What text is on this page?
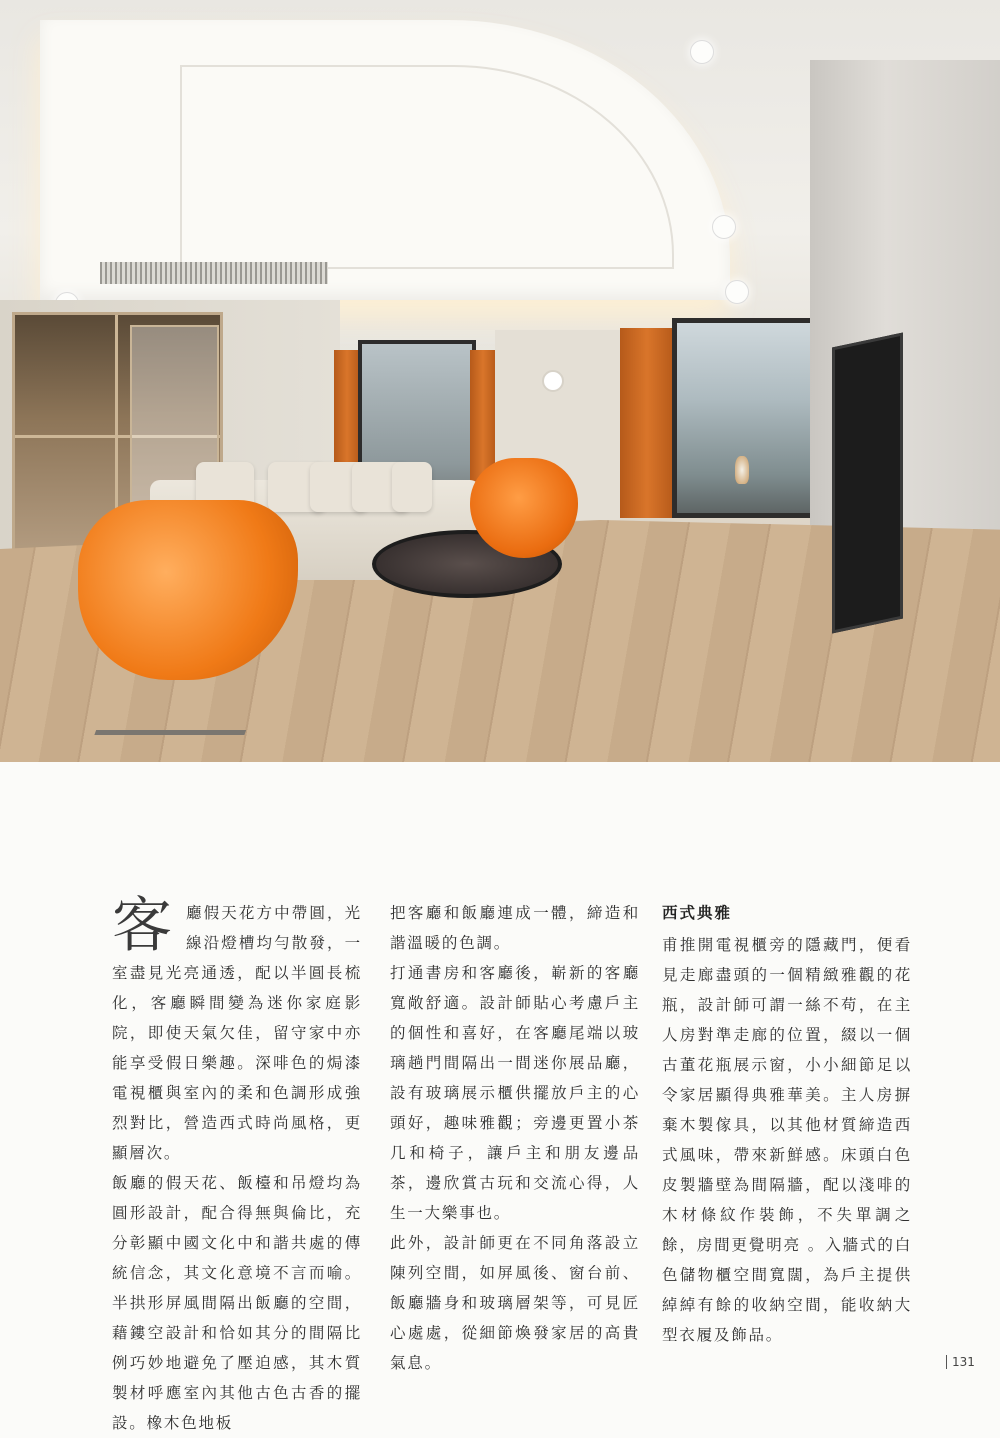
客 廳假天花方中帶圓，光線沿燈槽均勻散發，一室盡見光亮通透，配以半圓長梳化，客廳瞬間變為迷你家庭影院，即使天氣欠佳，留守家中亦能享受假日樂趣。深啡色的焗漆電視櫃與室內的柔和色調形成強烈對比，營造西式時尚風格，更顯層次。

飯廳的假天花、飯檯和吊燈均為圓形設計，配合得無與倫比，充分彰顯中國文化中和諧共處的傳統信念，其文化意境不言而喻。半拱形屏風間隔出飯廳的空間，藉鏤空設計和恰如其分的間隔比例巧妙地避免了壓迫感，其木質製材呼應室內其他古色古香的擺設。橡木色地板

把客廳和飯廳連成一體，締造和諧溫暖的色調。

打通書房和客廳後，嶄新的客廳寬敞舒適。設計師貼心考慮戶主的個性和喜好，在客廳尾端以玻璃趟門間隔出一間迷你展品廳，設有玻璃展示櫃供擺放戶主的心頭好，趣味雅觀；旁邊更置小茶几和椅子，讓戶主和朋友邊品茶，邊欣賞古玩和交流心得，人生一大樂事也。

此外，設計師更在不同角落設立陳列空間，如屏風後、窗台前、飯廳牆身和玻璃層架等，可見匠心處處，從細節煥發家居的高貴氣息。

西式典雅

甫推開電視櫃旁的隱藏門，便看見走廊盡頭的一個精緻雅觀的花瓶，設計師可謂一絲不苟，在主人房對準走廊的位置，綴以一個古董花瓶展示窗，小小細節足以令家居顯得典雅華美。主人房摒棄木製傢具，以其他材質締造西式風味，帶來新鮮感。床頭白色皮製牆壁為間隔牆，配以淺啡的木材條紋作裝飾，不失單調之餘，房間更覺明亮 。入牆式的白色儲物櫃空間寬闊，為戶主提供綽綽有餘的收納空間，能收納大型衣履及飾品。

131
